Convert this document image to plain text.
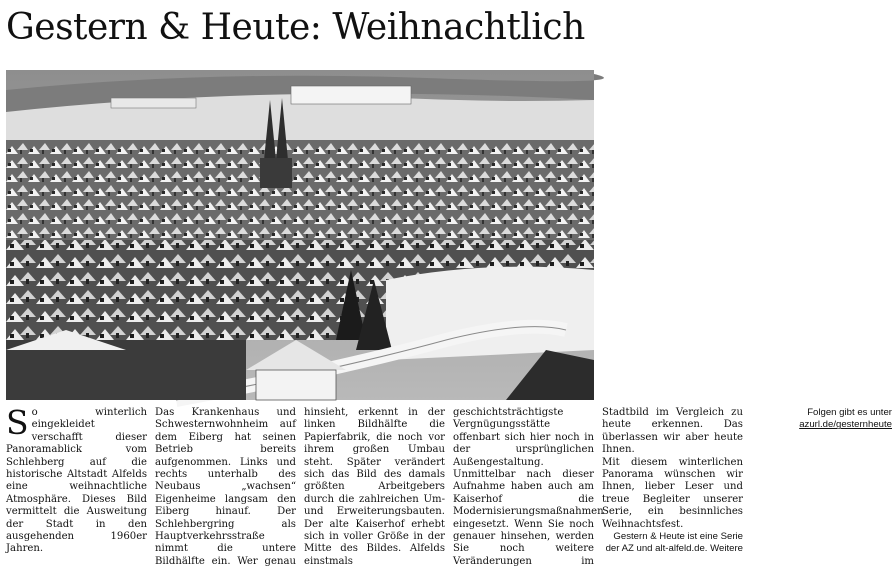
Gestern & Heute: Weihnachtlich

So winterlich eingekleidet verschafft dieser Panoramablick vom Schlehberg auf die historische Altstadt Alfelds eine weihnachtliche Atmosphäre. Dieses Bild vermittelt die Ausweitung der Stadt in den ausgehenden 1960er Jahren.

Das Krankenhaus und Schwesternwohnheim auf dem Eiberg hat seinen Betrieb bereits aufgenommen. Links und rechts unterhalb des Neubaus „wachsen“ Eigenheime langsam den Eiberg hinauf. Der Schlehbergring als Hauptverkehrsstraße nimmt die untere Bildhälfte ein. Wer genau hinsieht, erkennt in der linken Bildhälfte die Papierfabrik, die noch vor ihrem großen Umbau steht. Später verändert sich das Bild des damals größten Arbeitgebers durch die zahlreichen Um- und Erweiterungsbauten. Der alte Kaiserhof erhebt sich in voller Größe in der Mitte des Bildes. Alfelds einstmals geschichtsträchtigste Vergnügungsstätte offenbart sich hier noch in der ursprünglichen Außengestaltung. Unmittelbar nach dieser Aufnahme haben auch am Kaiserhof die Modernisierungsmaßnahmen eingesetzt. Wenn Sie noch genauer hinsehen, werden Sie noch weitere Veränderungen im Stadtbild im Vergleich zu heute erkennen. Das überlassen wir aber heute Ihnen.

Mit diesem winterlichen Panorama wünschen wir Ihnen, lieber Leser und treue Begleiter unserer Serie, ein besinnliches Weihnachtsfest.

Gestern & Heute ist eine Serie der AZ und alt-alfeld.de. Weitere Folgen gibt es unter azurl.de/gesternheute
